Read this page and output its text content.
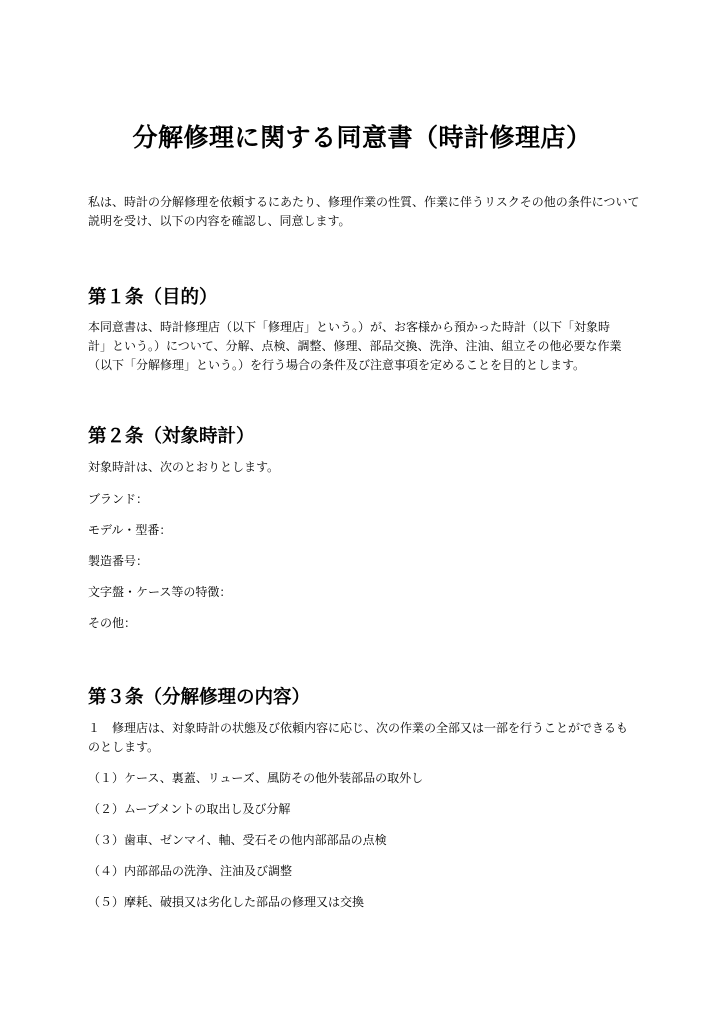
分解修理に関する同意書（時計修理店）

私は、時計の分解修理を依頼するにあたり、修理作業の性質、作業に伴うリスクその他の条件について
説明を受け、以下の内容を確認し、同意します。

第１条（目的）

本同意書は、時計修理店（以下「修理店」という。）が、お客様から預かった時計（以下「対象時
計」という。）について、分解、点検、調整、修理、部品交換、洗浄、注油、組立その他必要な作業
（以下「分解修理」という。）を行う場合の条件及び注意事項を定めることを目的とします。

第２条（対象時計）

対象時計は、次のとおりとします。

ブランド：

モデル・型番：

製造番号：

文字盤・ケース等の特徴：

その他：

第３条（分解修理の内容）

１　修理店は、対象時計の状態及び依頼内容に応じ、次の作業の全部又は一部を行うことができるも
のとします。

（１）ケース、裏蓋、リューズ、風防その他外装部品の取外し

（２）ムーブメントの取出し及び分解

（３）歯車、ゼンマイ、軸、受石その他内部部品の点検

（４）内部部品の洗浄、注油及び調整

（５）摩耗、破損又は劣化した部品の修理又は交換
